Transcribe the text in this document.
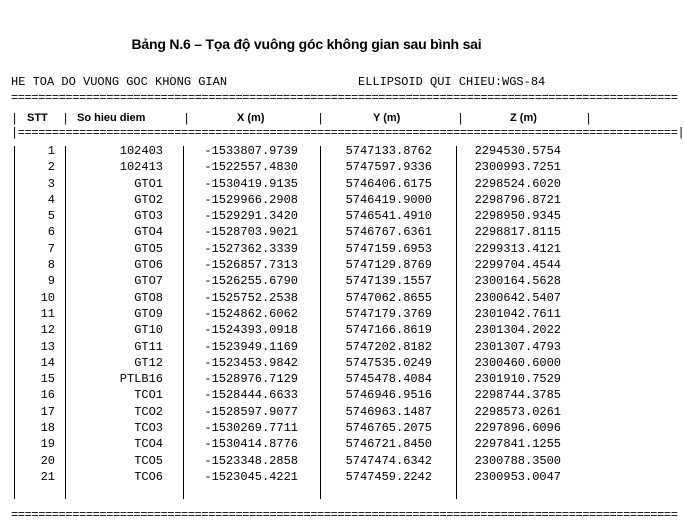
Bảng N.6 – Tọa độ vuông góc không gian sau bình sai
HE TOA DO VUONG GOC KHONG GIAN	ELLIPSOID QUI CHIEU:WGS-84
==================================================================================================
| STT | So hieu diem	|	X (m)	|	Y (m)	|	Z (m)	|
|=================================================================================================|
1	102403	-1533807.9739	5747133.8762	2294530.5754
2	102413	-1522557.4830	5747597.9336	2300993.7251
3	GTO1	-1530419.9135	5746406.6175	2298524.6020
4	GTO2	-1529966.2908	5746419.9000	2298796.8721
5	GTO3	-1529291.3420	5746541.4910	2298950.9345
6	GTO4	-1528703.9021	5746767.6361	2298817.8115
7	GTO5	-1527362.3339	5747159.6953	2299313.4121
8	GTO6	-1526857.7313	5747129.8769	2299704.4544
9	GTO7	-1526255.6790	5747139.1557	2300164.5628
10	GTO8	-1525752.2538	5747062.8655	2300642.5407
11	GTO9	-1524862.6062	5747179.3769	2301042.7611
12	GT10	-1524393.0918	5747166.8619	2301304.2022
13	GT11	-1523949.1169	5747202.8182	2301307.4793
14	GT12	-1523453.9842	5747535.0249	2300460.6000
15	PTLB16	-1528976.7129	5745478.4084	2301910.7529
16	TCO1	-1528444.6633	5746946.9516	2298744.3785
17	TCO2	-1528597.9077	5746963.1487	2298573.0261
18	TCO3	-1530269.7711	5746765.2075	2297896.6096
19	TCO4	-1530414.8776	5746721.8450	2297841.1255
20	TCO5	-1523348.2858	5747474.6342	2300788.3500
21	TCO6	-1523045.4221	5747459.2242	2300953.0047
==================================================================================================
